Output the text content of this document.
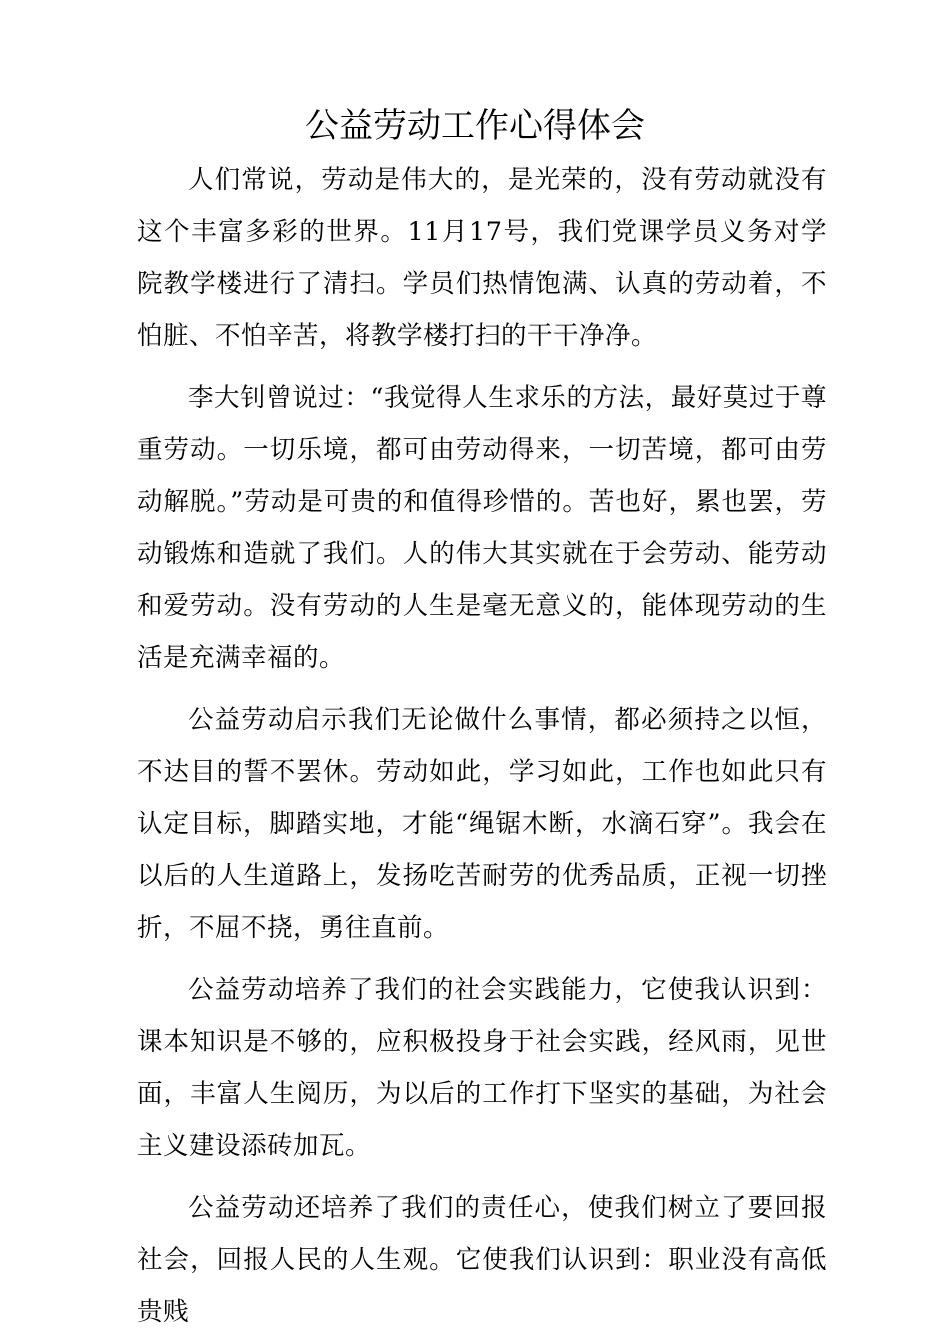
公益劳动工作心得体会

人们常说，劳动是伟大的，是光荣的，没有劳动就没有这个丰富多彩的世界。11月17号，我们党课学员义务对学院教学楼进行了清扫。学员们热情饱满、认真的劳动着，不怕脏、不怕辛苦，将教学楼打扫的干干净净。

李大钊曾说过：“我觉得人生求乐的方法，最好莫过于尊重劳动。一切乐境，都可由劳动得来，一切苦境，都可由劳动解脱。”劳动是可贵的和值得珍惜的。苦也好，累也罢，劳动锻炼和造就了我们。人的伟大其实就在于会劳动、能劳动和爱劳动。没有劳动的人生是毫无意义的，能体现劳动的生活是充满幸福的。

公益劳动启示我们无论做什么事情，都必须持之以恒，不达目的誓不罢休。劳动如此，学习如此，工作也如此只有认定目标，脚踏实地，才能“绳锯木断，水滴石穿”。我会在以后的人生道路上，发扬吃苦耐劳的优秀品质，正视一切挫折，不屈不挠，勇往直前。

公益劳动培养了我们的社会实践能力，它使我认识到：课本知识是不够的，应积极投身于社会实践，经风雨，见世面，丰富人生阅历，为以后的工作打下坚实的基础，为社会主义建设添砖加瓦。

公益劳动还培养了我们的责任心，使我们树立了要回报社会，回报人民的人生观。它使我们认识到：职业没有高低贵贱
